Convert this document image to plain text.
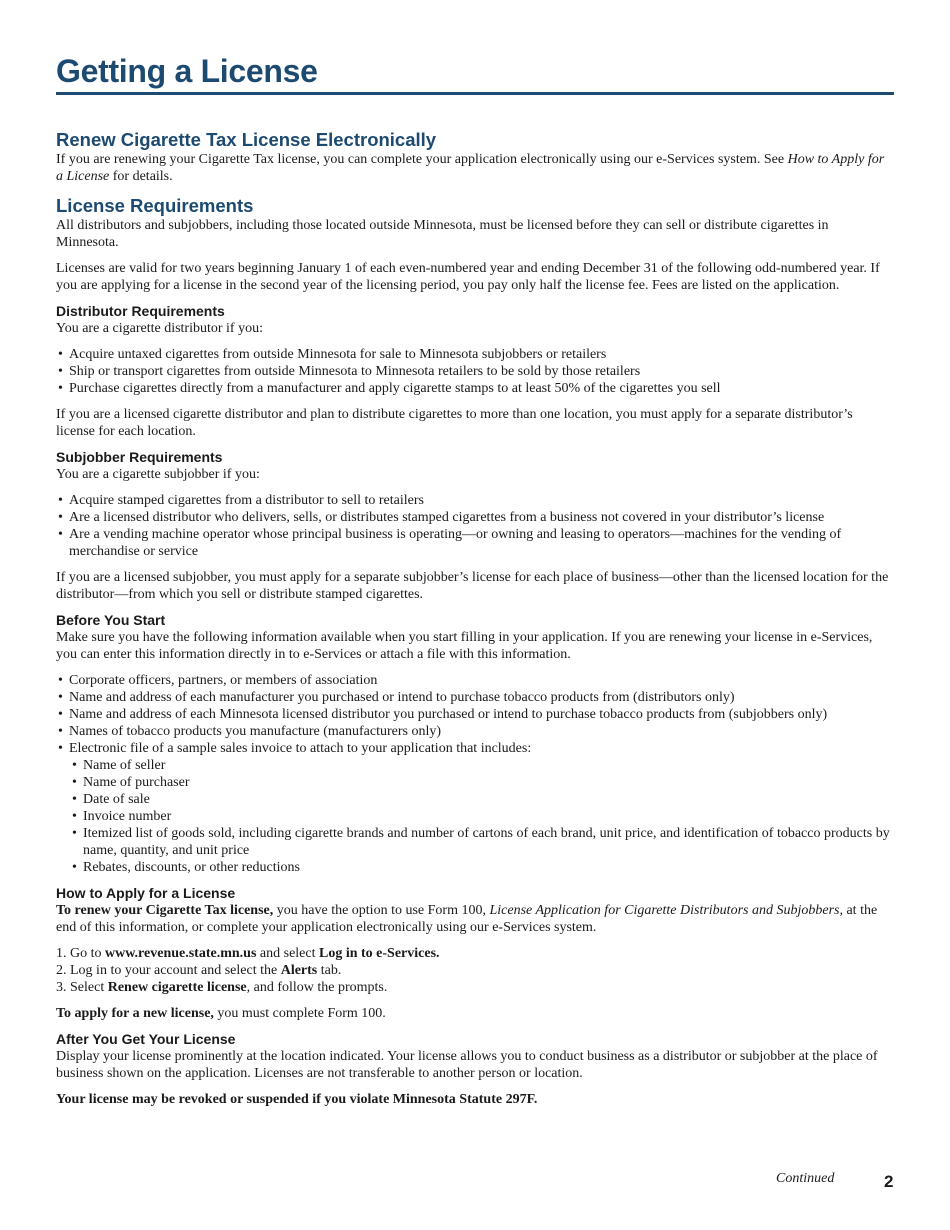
Getting a License
Renew Cigarette Tax License Electronically

If you are renewing your Cigarette Tax license, you can complete your application electronically using our e-Services system. See How to Apply for a License for details.

License Requirements

All distributors and subjobbers, including those located outside Minnesota, must be licensed before they can sell or distribute cigarettes in Minnesota.

Licenses are valid for two years beginning January 1 of each even-numbered year and ending December 31 of the following odd-numbered year. If you are applying for a license in the second year of the licensing period, you pay only half the license fee. Fees are listed on the application.

Distributor Requirements

You are a cigarette distributor if you:

• Acquire untaxed cigarettes from outside Minnesota for sale to Minnesota subjobbers or retailers
• Ship or transport cigarettes from outside Minnesota to Minnesota retailers to be sold by those retailers
• Purchase cigarettes directly from a manufacturer and apply cigarette stamps to at least 50% of the cigarettes you sell

If you are a licensed cigarette distributor and plan to distribute cigarettes to more than one location, you must apply for a separate distributor’s license for each location.

Subjobber Requirements

You are a cigarette subjobber if you:

• Acquire stamped cigarettes from a distributor to sell to retailers
• Are a licensed distributor who delivers, sells, or distributes stamped cigarettes from a business not covered in your distributor’s license
• Are a vending machine operator whose principal business is operating—or owning and leasing to operators—machines for the vending of merchandise or service

If you are a licensed subjobber, you must apply for a separate subjobber’s license for each place of business—other than the licensed location for the distributor—from which you sell or distribute stamped cigarettes.

Before You Start

Make sure you have the following information available when you start filling in your application. If you are renewing your license in e-Services, you can enter this information directly in to e-Services or attach a file with this information.

• Corporate officers, partners, or members of association
• Name and address of each manufacturer you purchased or intend to purchase tobacco products from (distributors only)
• Name and address of each Minnesota licensed distributor you purchased or intend to purchase tobacco products from (subjobbers only)
• Names of tobacco products you manufacture (manufacturers only)
• Electronic file of a sample sales invoice to attach to your application that includes:
• Name of seller
• Name of purchaser
• Date of sale
• Invoice number
• Itemized list of goods sold, including cigarette brands and number of cartons of each brand, unit price, and identification of tobacco products by name, quantity, and unit price
• Rebates, discounts, or other reductions
How to Apply for a License

To renew your Cigarette Tax license, you have the option to use Form 100, License Application for Cigarette Distributors and Subjobbers, at the end of this information, or complete your application electronically using our e-Services system.

1. Go to www.revenue.state.mn.us and select Log in to e-Services.

2. Log in to your account and select the Alerts tab.

3. Select Renew cigarette license, and follow the prompts.

To apply for a new license, you must complete Form 100.

After You Get Your License

Display your license prominently at the location indicated. Your license allows you to conduct business as a distributor or subjobber at the place of business shown on the application. Licenses are not transferable to another person or location.

Your license may be revoked or suspended if you violate Minnesota Statute 297F.

Continued	2
